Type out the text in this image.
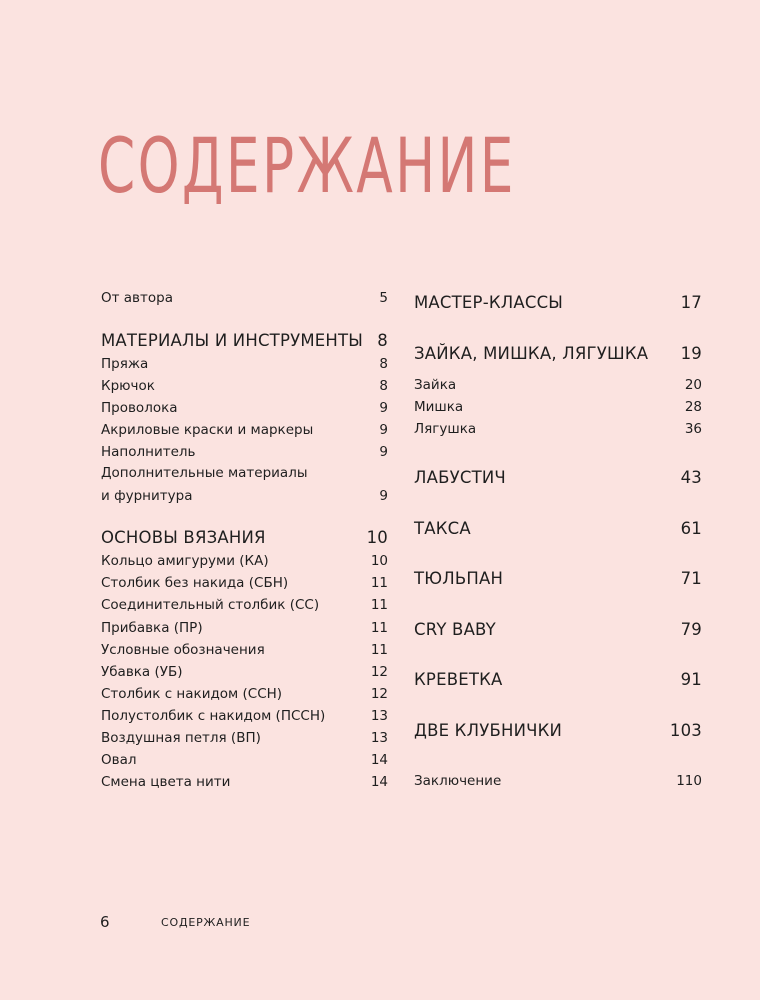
СОДЕРЖАНИЕ
От автора	5
МАТЕРИАЛЫ И ИНСТРУМЕНТЫ 8
Пряжа	8
Крючок	8
Проволока	9
Акриловые краски и маркеры	9
Наполнитель	9
Дополнительные материалы
и фурнитура	9
ОСНОВЫ ВЯЗАНИЯ	10
Кольцо амигуруми (КА)	10
Столбик без накида (СБН)	11
Соединительный столбик (СС)	11
Прибавка (ПР)	11
Условные обозначения	11
Убавка (УБ)	12
Столбик с накидом (ССН)	12
Полустолбик с накидом (ПССН)	13
Воздушная петля (ВП)	13
Овал	14
Смена цвета нити	14
МАСТЕР-КЛАССЫ	17
ЗАЙКА, МИШКА, ЛЯГУШКА 19
Зайка	20
Мишка	28
Лягушка	36
ЛАБУСТИЧ	43
ТАКСА	61
ТЮЛЬПАН	71
CRY BABY	79
КРЕВЕТКА	91
ДВЕ КЛУБНИЧКИ	103
Заключение	110
6	СОДЕРЖАНИЕ
